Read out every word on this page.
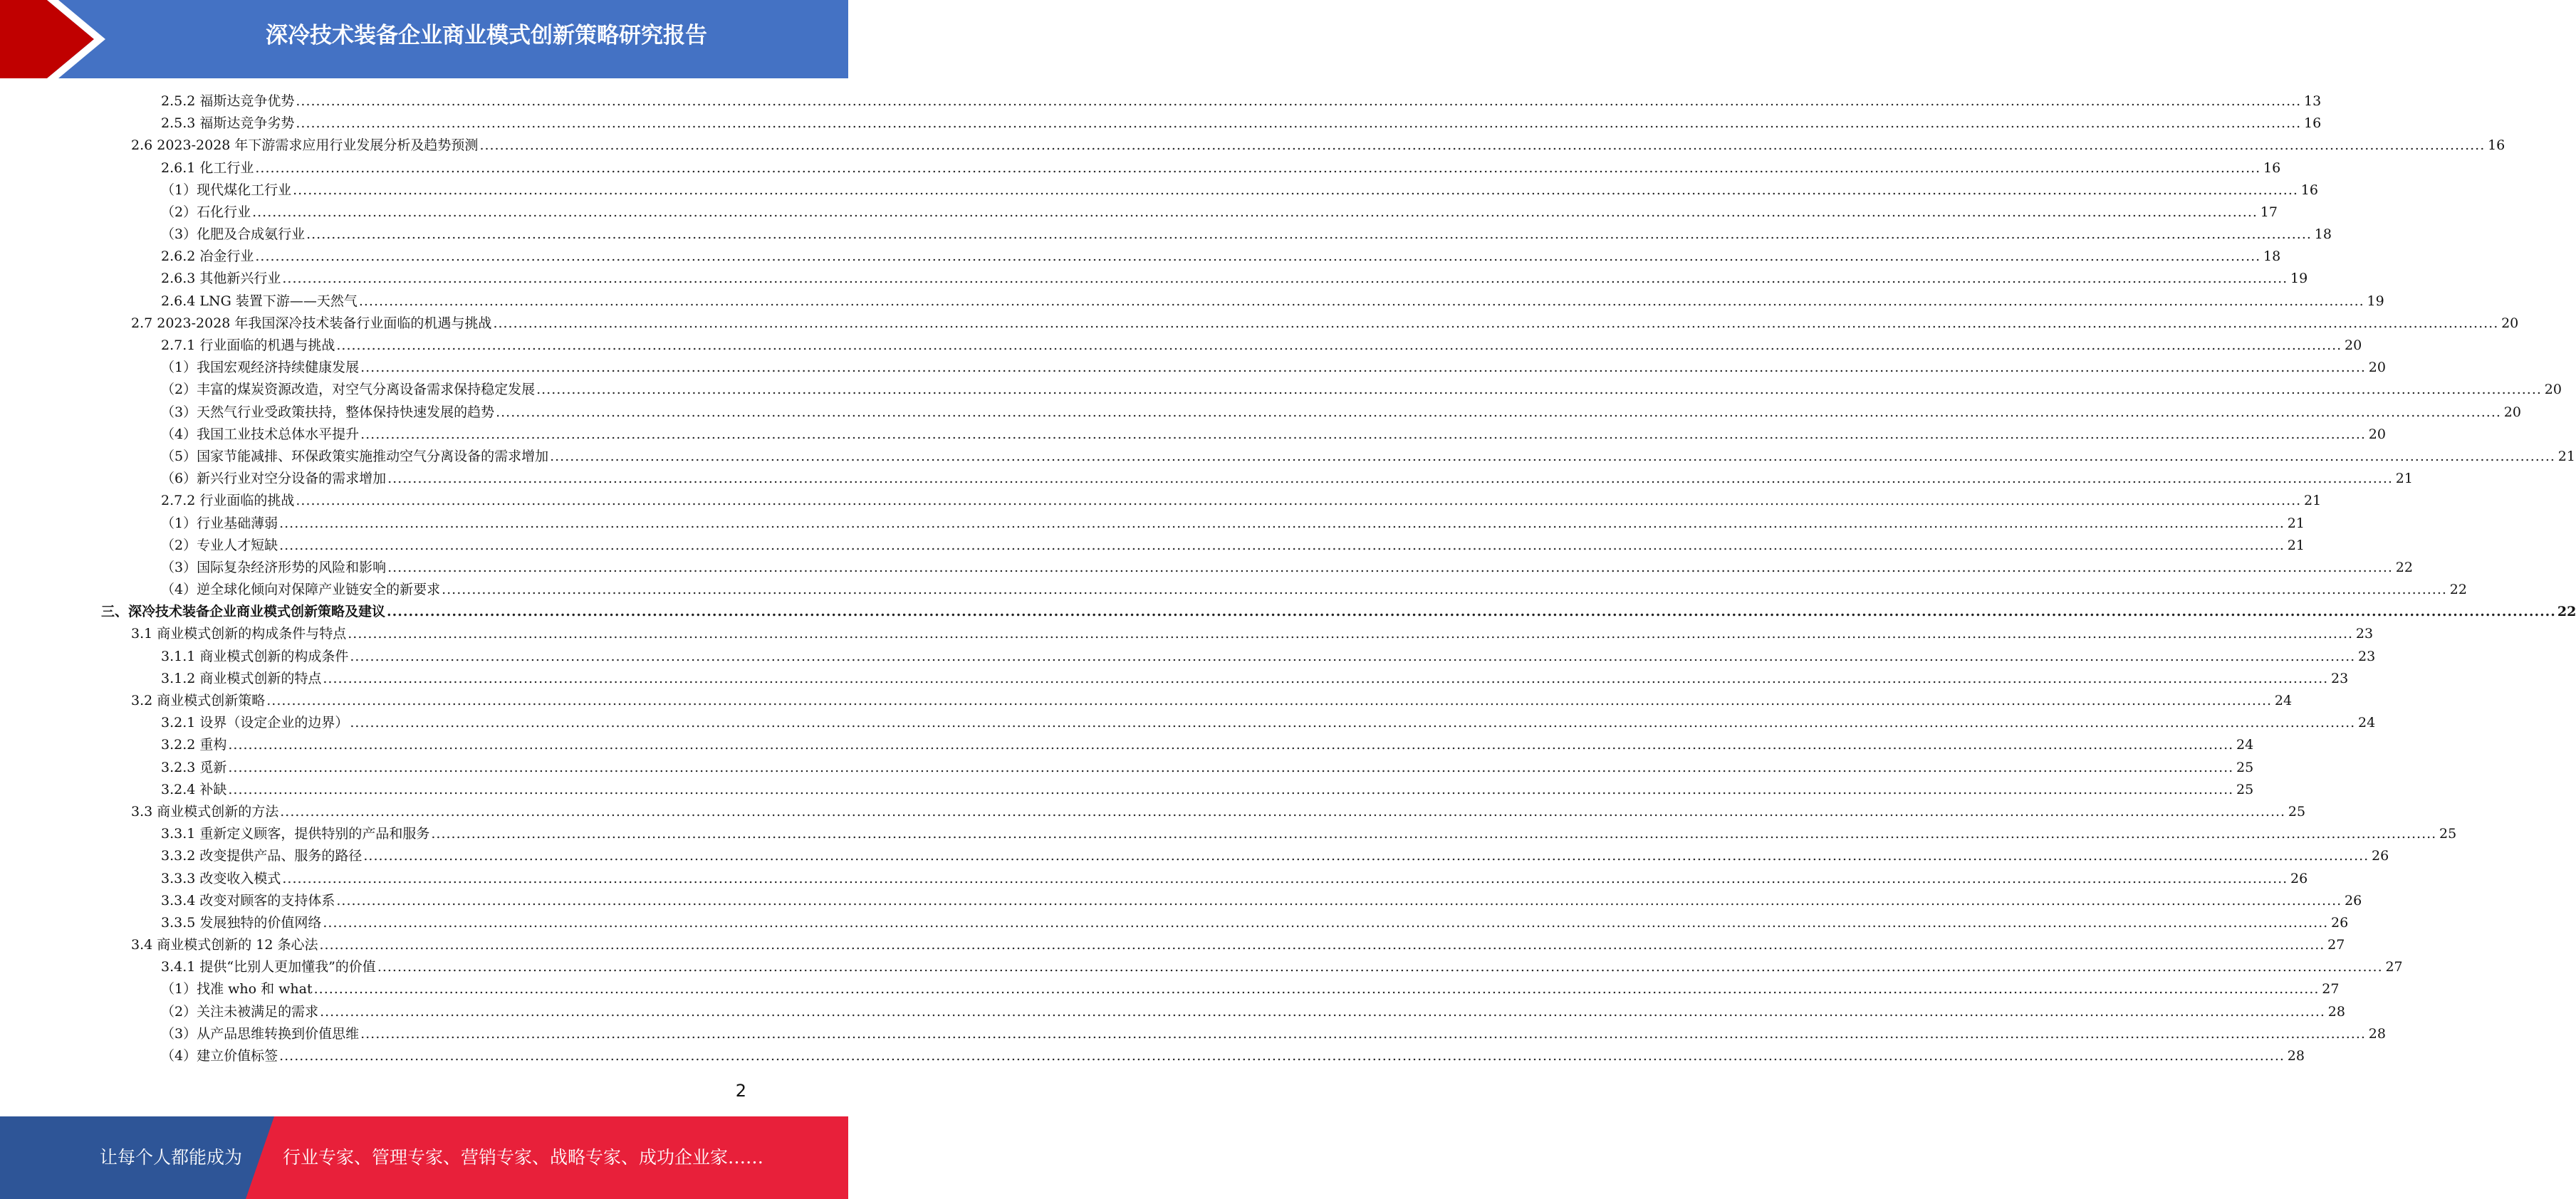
深冷技术装备企业商业模式创新策略研究报告
2.5.2 福斯达竞争优势 ................................................................................................................................................................................................................................................................................................................................................................................................................ 13
2.5.3 福斯达竞争劣势 ................................................................................................................................................................................................................................................................................................................................................................................................................ 16
2.6 2023-2028 年下游需求应用行业发展分析及趋势预测 ................................................................................................................................................................................................................................................................................................................................................................................................................ 16
2.6.1 化工行业 ................................................................................................................................................................................................................................................................................................................................................................................................................ 16
（1）现代煤化工行业 ................................................................................................................................................................................................................................................................................................................................................................................................................ 16
（2）石化行业 ................................................................................................................................................................................................................................................................................................................................................................................................................ 17
（3）化肥及合成氨行业 ................................................................................................................................................................................................................................................................................................................................................................................................................ 18
2.6.2 冶金行业 ................................................................................................................................................................................................................................................................................................................................................................................................................ 18
2.6.3 其他新兴行业 ................................................................................................................................................................................................................................................................................................................................................................................................................ 19
2.6.4 LNG 装置下游——天然气 ................................................................................................................................................................................................................................................................................................................................................................................................................ 19
2.7 2023-2028 年我国深冷技术装备行业面临的机遇与挑战 ................................................................................................................................................................................................................................................................................................................................................................................................................ 20
2.7.1 行业面临的机遇与挑战 ................................................................................................................................................................................................................................................................................................................................................................................................................ 20
（1）我国宏观经济持续健康发展 ................................................................................................................................................................................................................................................................................................................................................................................................................ 20
（2）丰富的煤炭资源改造，对空气分离设备需求保持稳定发展 ................................................................................................................................................................................................................................................................................................................................................................................................................ 20
（3）天然气行业受政策扶持，整体保持快速发展的趋势 ................................................................................................................................................................................................................................................................................................................................................................................................................ 20
（4）我国工业技术总体水平提升 ................................................................................................................................................................................................................................................................................................................................................................................................................ 20
（5）国家节能减排、环保政策实施推动空气分离设备的需求增加 ................................................................................................................................................................................................................................................................................................................................................................................................................ 21
（6）新兴行业对空分设备的需求增加 ................................................................................................................................................................................................................................................................................................................................................................................................................ 21
2.7.2 行业面临的挑战 ................................................................................................................................................................................................................................................................................................................................................................................................................ 21
（1）行业基础薄弱 ................................................................................................................................................................................................................................................................................................................................................................................................................ 21
（2）专业人才短缺 ................................................................................................................................................................................................................................................................................................................................................................................................................ 21
（3）国际复杂经济形势的风险和影响 ................................................................................................................................................................................................................................................................................................................................................................................................................ 22
（4）逆全球化倾向对保障产业链安全的新要求 ................................................................................................................................................................................................................................................................................................................................................................................................................ 22
三、深冷技术装备企业商业模式创新策略及建议 ................................................................................................................................................................................................................................................................................................................................................................................................................ 22
3.1 商业模式创新的构成条件与特点 ................................................................................................................................................................................................................................................................................................................................................................................................................ 23
3.1.1 商业模式创新的构成条件 ................................................................................................................................................................................................................................................................................................................................................................................................................ 23
3.1.2 商业模式创新的特点 ................................................................................................................................................................................................................................................................................................................................................................................................................ 23
3.2 商业模式创新策略 ................................................................................................................................................................................................................................................................................................................................................................................................................ 24
3.2.1 设界（设定企业的边界） ................................................................................................................................................................................................................................................................................................................................................................................................................ 24
3.2.2 重构 ................................................................................................................................................................................................................................................................................................................................................................................................................ 24
3.2.3 觅新 ................................................................................................................................................................................................................................................................................................................................................................................................................ 25
3.2.4 补缺 ................................................................................................................................................................................................................................................................................................................................................................................................................ 25
3.3 商业模式创新的方法 ................................................................................................................................................................................................................................................................................................................................................................................................................ 25
3.3.1 重新定义顾客，提供特别的产品和服务 ................................................................................................................................................................................................................................................................................................................................................................................................................ 25
3.3.2 改变提供产品、服务的路径 ................................................................................................................................................................................................................................................................................................................................................................................................................ 26
3.3.3 改变收入模式 ................................................................................................................................................................................................................................................................................................................................................................................................................ 26
3.3.4 改变对顾客的支持体系 ................................................................................................................................................................................................................................................................................................................................................................................................................ 26
3.3.5 发展独特的价值网络 ................................................................................................................................................................................................................................................................................................................................................................................................................ 26
3.4 商业模式创新的 12 条心法 ................................................................................................................................................................................................................................................................................................................................................................................................................ 27
3.4.1 提供“比别人更加懂我”的价值 ................................................................................................................................................................................................................................................................................................................................................................................................................ 27
（1）找准 who 和 what ................................................................................................................................................................................................................................................................................................................................................................................................................ 27
（2）关注未被满足的需求 ................................................................................................................................................................................................................................................................................................................................................................................................................ 28
（3）从产品思维转换到价值思维 ................................................................................................................................................................................................................................................................................................................................................................................................................ 28
（4）建立价值标签 ................................................................................................................................................................................................................................................................................................................................................................................................................ 28
2
让每个人都能成为 行业专家、管理专家、营销专家、战略专家、成功企业家……
